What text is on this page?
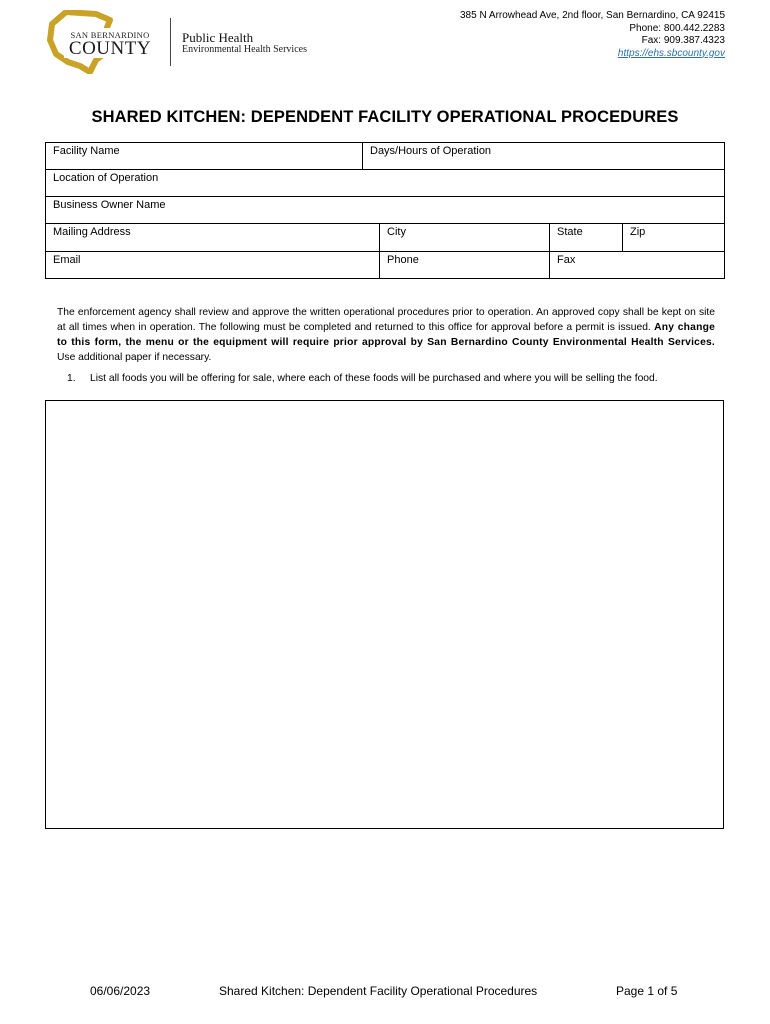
SAN BERNARDINO
COUNTY
Public Health
Environmental Health Services
385 N Arrowhead Ave, 2nd floor, San Bernardino, CA 92415
Phone: 800.442.2283
Fax: 909.387.4323
https://ehs.sbcounty.gov
SHARED KITCHEN: DEPENDENT FACILITY OPERATIONAL PROCEDURES
Facility Name	Days/Hours of Operation
Location of Operation
Business Owner Name
Mailing Address	City	State	Zip
Email	Phone	Fax
The enforcement agency shall review and approve the written operational procedures prior to operation. An approved copy shall be kept on site at all times when in operation. The following must be completed and returned to this office for approval before a permit is issued. Any change to this form, the menu or the equipment will require prior approval by San Bernardino County Environmental Health Services. Use additional paper if necessary.
1. List all foods you will be offering for sale, where each of these foods will be purchased and where you will be selling the food.
06/06/2023	Shared Kitchen: Dependent Facility Operational Procedures	Page 1 of 5
